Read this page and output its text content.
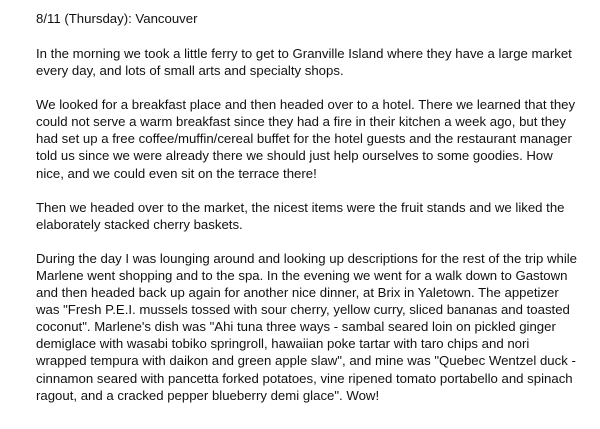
8/11 (Thursday): Vancouver
In the morning we took a little ferry to get to Granville Island where they have a large market
every day, and lots of small arts and specialty shops.
We looked for a breakfast place and then headed over to a hotel. There we learned that they
could not serve a warm breakfast since they had a fire in their kitchen a week ago, but they
had set up a free coffee/muffin/cereal buffet for the hotel guests and the restaurant manager
told us since we were already there we should just help ourselves to some goodies. How
nice, and we could even sit on the terrace there!
Then we headed over to the market, the nicest items were the fruit stands and we liked the
elaborately stacked cherry baskets.
During the day I was lounging around and looking up descriptions for the rest of the trip while
Marlene went shopping and to the spa. In the evening we went for a walk down to Gastown
and then headed back up again for another nice dinner, at Brix in Yaletown. The appetizer
was "Fresh P.E.I. mussels tossed with sour cherry, yellow curry, sliced bananas and toasted
coconut". Marlene's dish was "Ahi tuna three ways - sambal seared loin on pickled ginger
demiglace with wasabi tobiko springroll, hawaiian poke tartar with taro chips and nori
wrapped tempura with daikon and green apple slaw", and mine was "Quebec Wentzel duck -
cinnamon seared with pancetta forked potatoes, vine ripened tomato portabello and spinach
ragout, and a cracked pepper blueberry demi glace". Wow!
